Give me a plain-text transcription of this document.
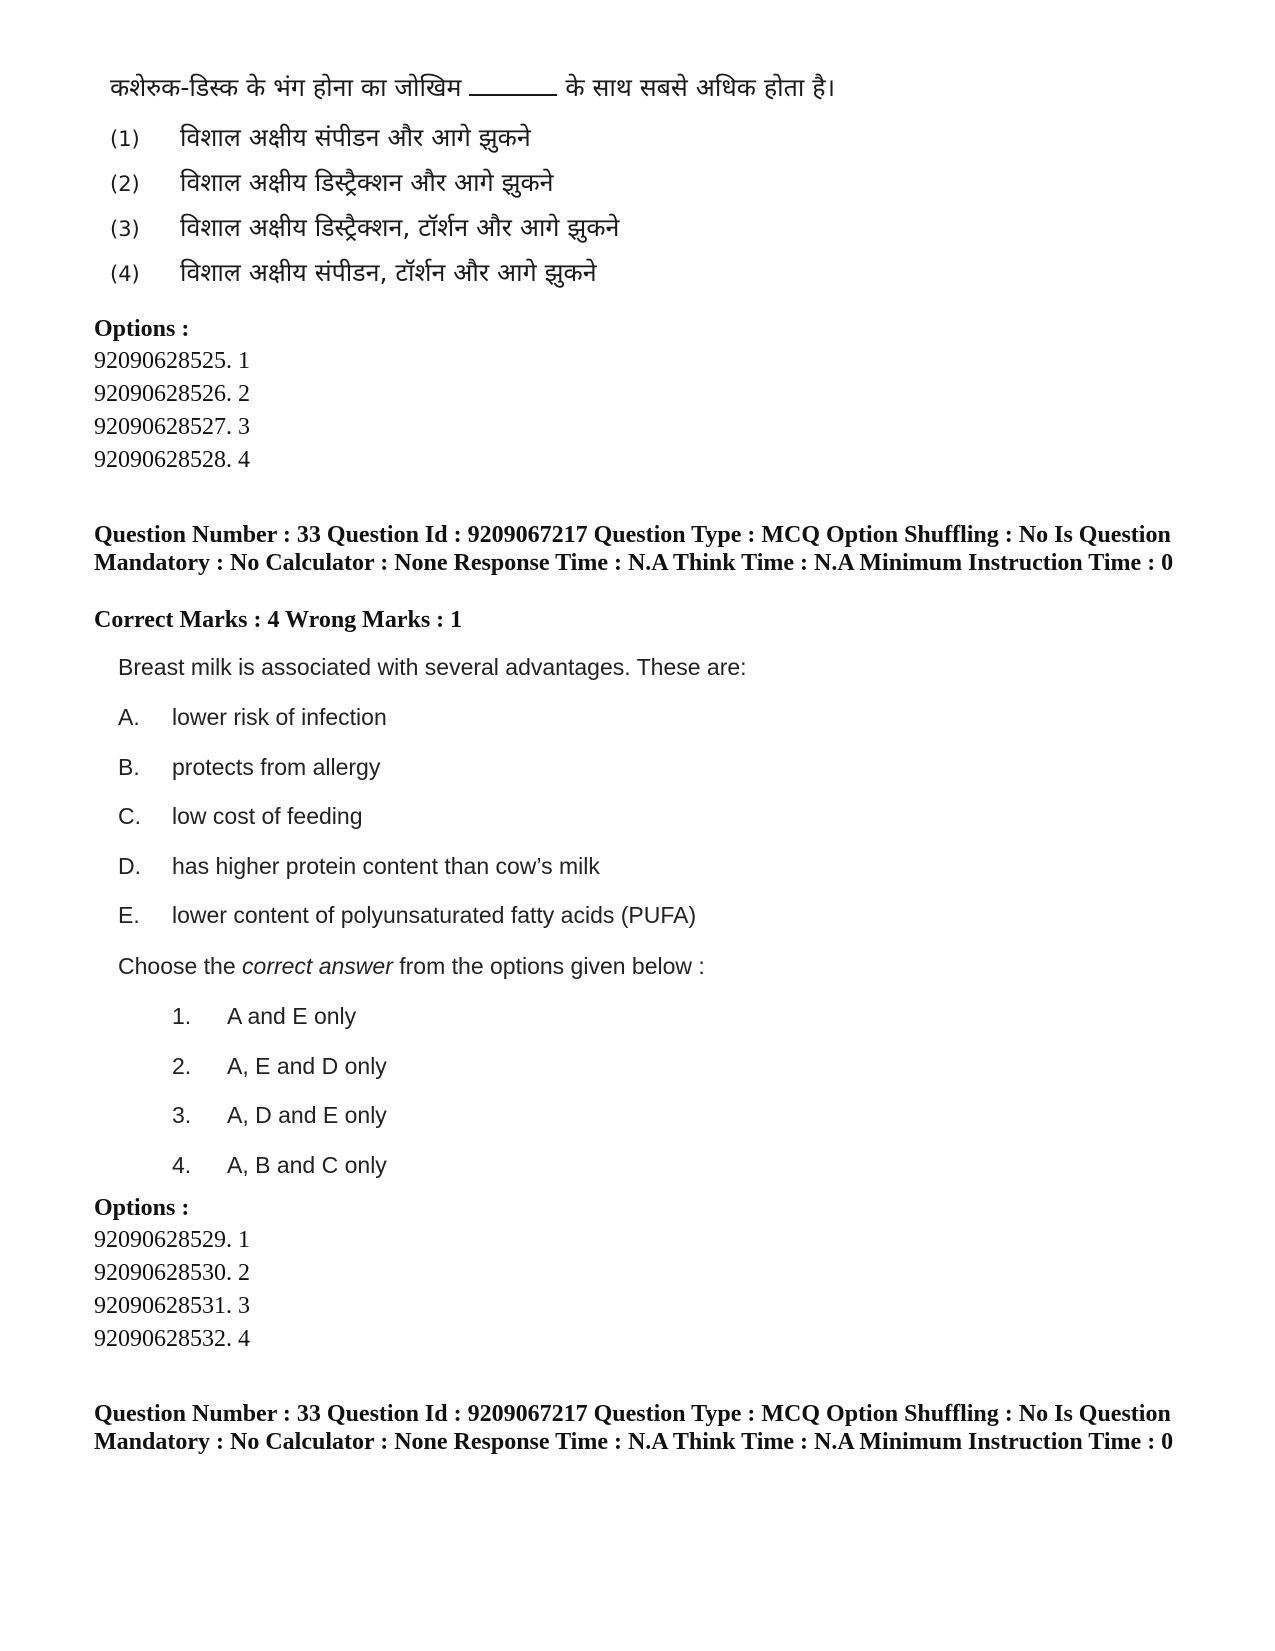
कशेरुक-डिस्क के भंग होना का जोखिम	के साथ सबसे अधिक होता है।
(1) विशाल अक्षीय संपीडन और आगे झुकने
(2) विशाल अक्षीय डिस्ट्रैक्शन और आगे झुकने
(3) विशाल अक्षीय डिस्ट्रैक्शन, टॉर्शन और आगे झुकने
(4) विशाल अक्षीय संपीडन, टॉर्शन और आगे झुकने
Options :
92090628525. 1
92090628526. 2
92090628527. 3
92090628528. 4
Question Number : 33 Question Id : 9209067217 Question Type : MCQ Option Shuffling : No Is Question Mandatory : No Calculator : None Response Time : N.A Think Time : N.A Minimum Instruction Time : 0
Correct Marks : 4 Wrong Marks : 1
Breast milk is associated with several advantages. These are:
A. lower risk of infection
B. protects from allergy
C. low cost of feeding
D. has higher protein content than cow’s milk
E. lower content of polyunsaturated fatty acids (PUFA)
Choose the correct answer from the options given below :
1. A and E only
2. A, E and D only
3. A, D and E only
4. A, B and C only
Options :
92090628529. 1
92090628530. 2
92090628531. 3
92090628532. 4
Question Number : 33 Question Id : 9209067217 Question Type : MCQ Option Shuffling : No Is Question Mandatory : No Calculator : None Response Time : N.A Think Time : N.A Minimum Instruction Time : 0
